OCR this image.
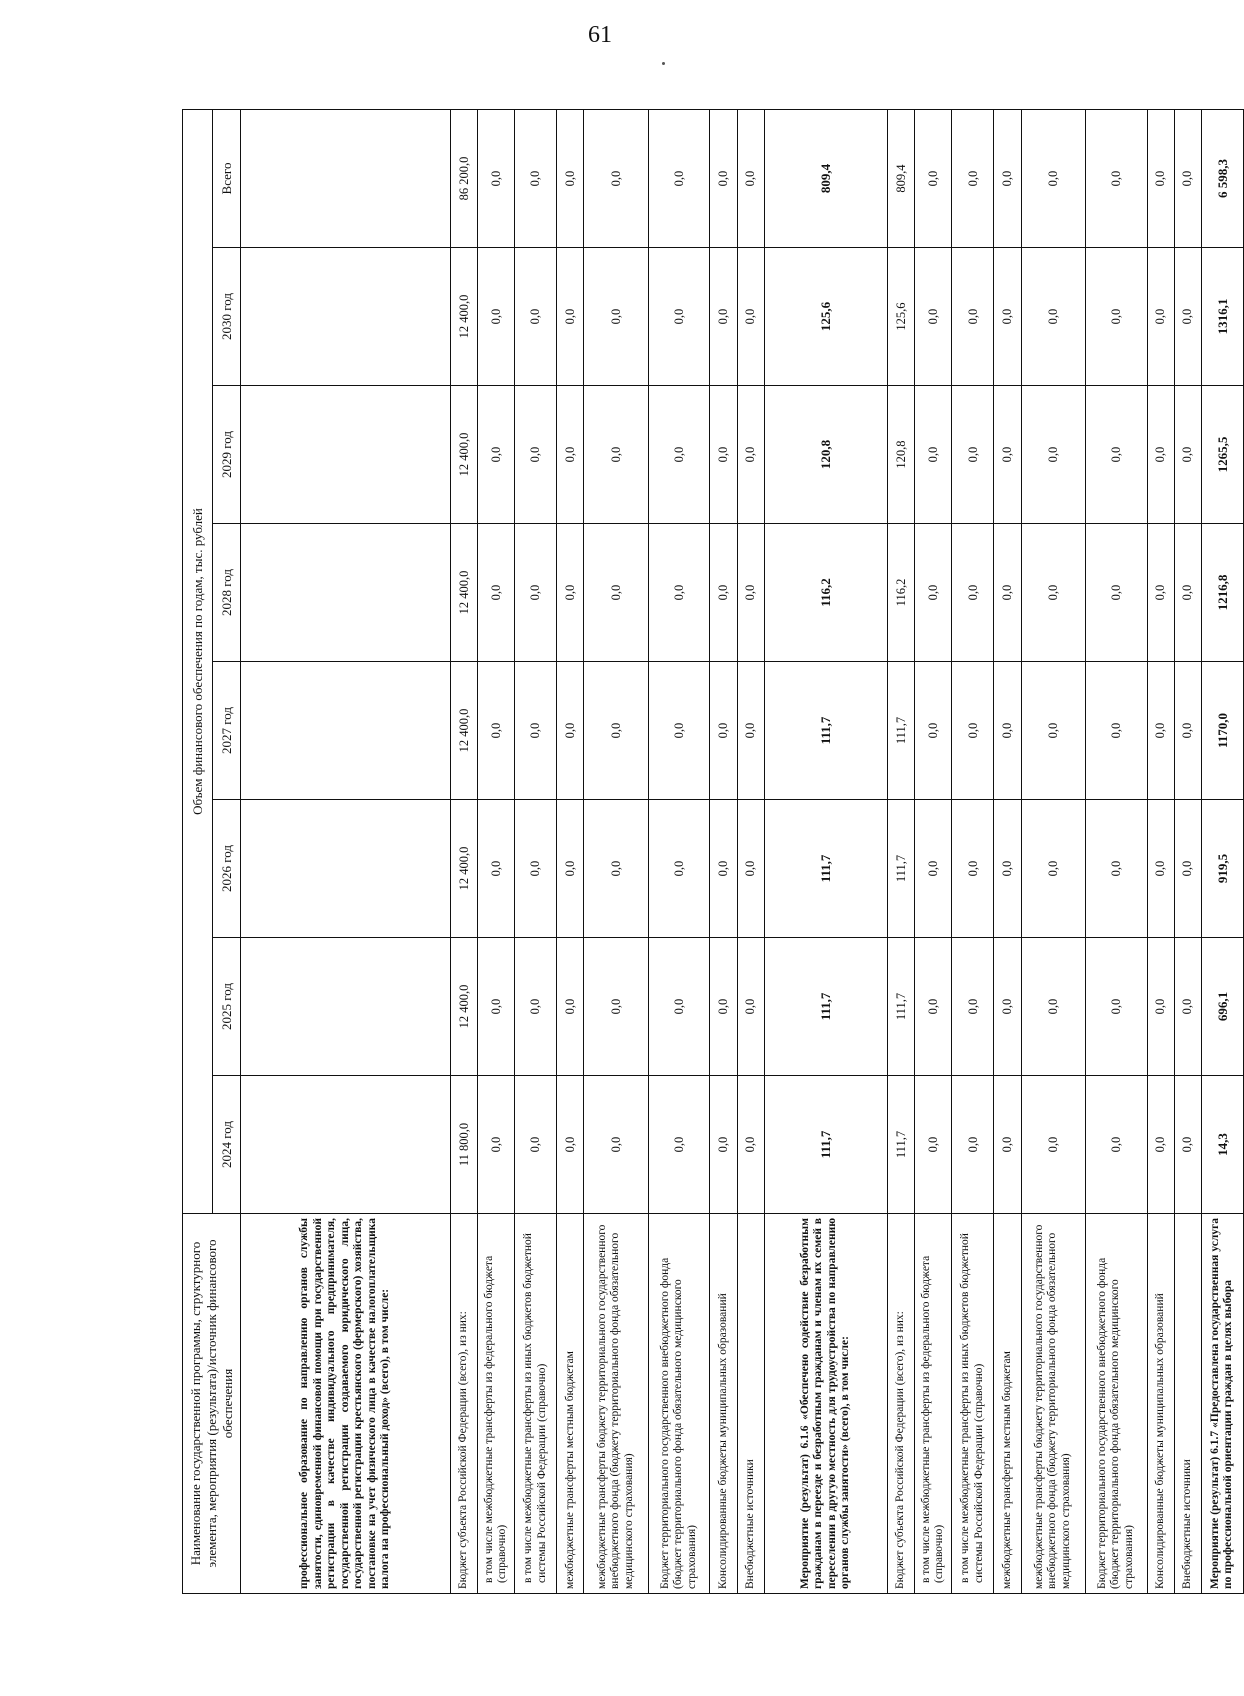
61
Наименование государственной программы, структурного элемента, мероприятия (результата)/источник финансового обеспечения	Объем финансового обеспечения по годам, тыс. рублей							
	2024 год	2025 год	2026 год	2027 год	2028 год	2029 год	2030 год	Всего
профессиональное образование по направлению органов службы занятости, единовременной финансовой помощи при государственной регистрации в качестве индивидуального предпринимателя, государственной регистрации создаваемого юридического лица, государственной регистрации крестьянского (фермерского) хозяйства, постановке на учет физического лица в качестве налогоплательщика налога на профессиональный доход» (всего), в том числе:								
Бюджет субъекта Российской Федерации (всего), из них:	11 800,0	12 400,0	12 400,0	12 400,0	12 400,0	12 400,0	12 400,0	86 200,0
в том числе межбюджетные трансферты из федерального бюджета (справочно)	0,0	0,0	0,0	0,0	0,0	0,0	0,0	0,0
в том числе межбюджетные трансферты из иных бюджетов бюджетной системы Российской Федерации (справочно)	0,0	0,0	0,0	0,0	0,0	0,0	0,0	0,0
межбюджетные трансферты местным бюджетам	0,0	0,0	0,0	0,0	0,0	0,0	0,0	0,0
межбюджетные трансферты бюджету территориального государственного внебюджетного фонда (бюджету территориального фонда обязательного медицинского страхования)	0,0	0,0	0,0	0,0	0,0	0,0	0,0	0,0
Бюджет территориального государственного внебюджетного фонда (бюджет территориального фонда обязательного медицинского страхования)	0,0	0,0	0,0	0,0	0,0	0,0	0,0	0,0
Консолидированные бюджеты муниципальных образований	0,0	0,0	0,0	0,0	0,0	0,0	0,0	0,0
Внебюджетные источники	0,0	0,0	0,0	0,0	0,0	0,0	0,0	0,0
Мероприятие (результат) 6.1.6 «Обеспечено содействие безработным гражданам в переезде и безработным гражданам и членам их семей в переселении в другую местность для трудоустройства по направлению органов службы занятости» (всего), в том числе:	111,7	111,7	111,7	111,7	116,2	120,8	125,6	809,4
Бюджет субъекта Российской Федерации (всего), из них:	111,7	111,7	111,7	111,7	116,2	120,8	125,6	809,4
в том числе межбюджетные трансферты из федерального бюджета (справочно)	0,0	0,0	0,0	0,0	0,0	0,0	0,0	0,0
в том числе межбюджетные трансферты из иных бюджетов бюджетной системы Российской Федерации (справочно)	0,0	0,0	0,0	0,0	0,0	0,0	0,0	0,0
межбюджетные трансферты местным бюджетам	0,0	0,0	0,0	0,0	0,0	0,0	0,0	0,0
межбюджетные трансферты бюджету территориального государственного внебюджетного фонда (бюджету территориального фонда обязательного медицинского страхования)	0,0	0,0	0,0	0,0	0,0	0,0	0,0	0,0
Бюджет территориального государственного внебюджетного фонда (бюджет территориального фонда обязательного медицинского страхования)	0,0	0,0	0,0	0,0	0,0	0,0	0,0	0,0
Консолидированные бюджеты муниципальных образований	0,0	0,0	0,0	0,0	0,0	0,0	0,0	0,0
Внебюджетные источники	0,0	0,0	0,0	0,0	0,0	0,0	0,0	0,0
Мероприятие (результат) 6.1.7 «Предоставлена государственная услуга по профессиональной ориентации граждан в целях выбора	14,3	696,1	919,5	1170,0	1216,8	1265,5	1316,1	6 598,3
